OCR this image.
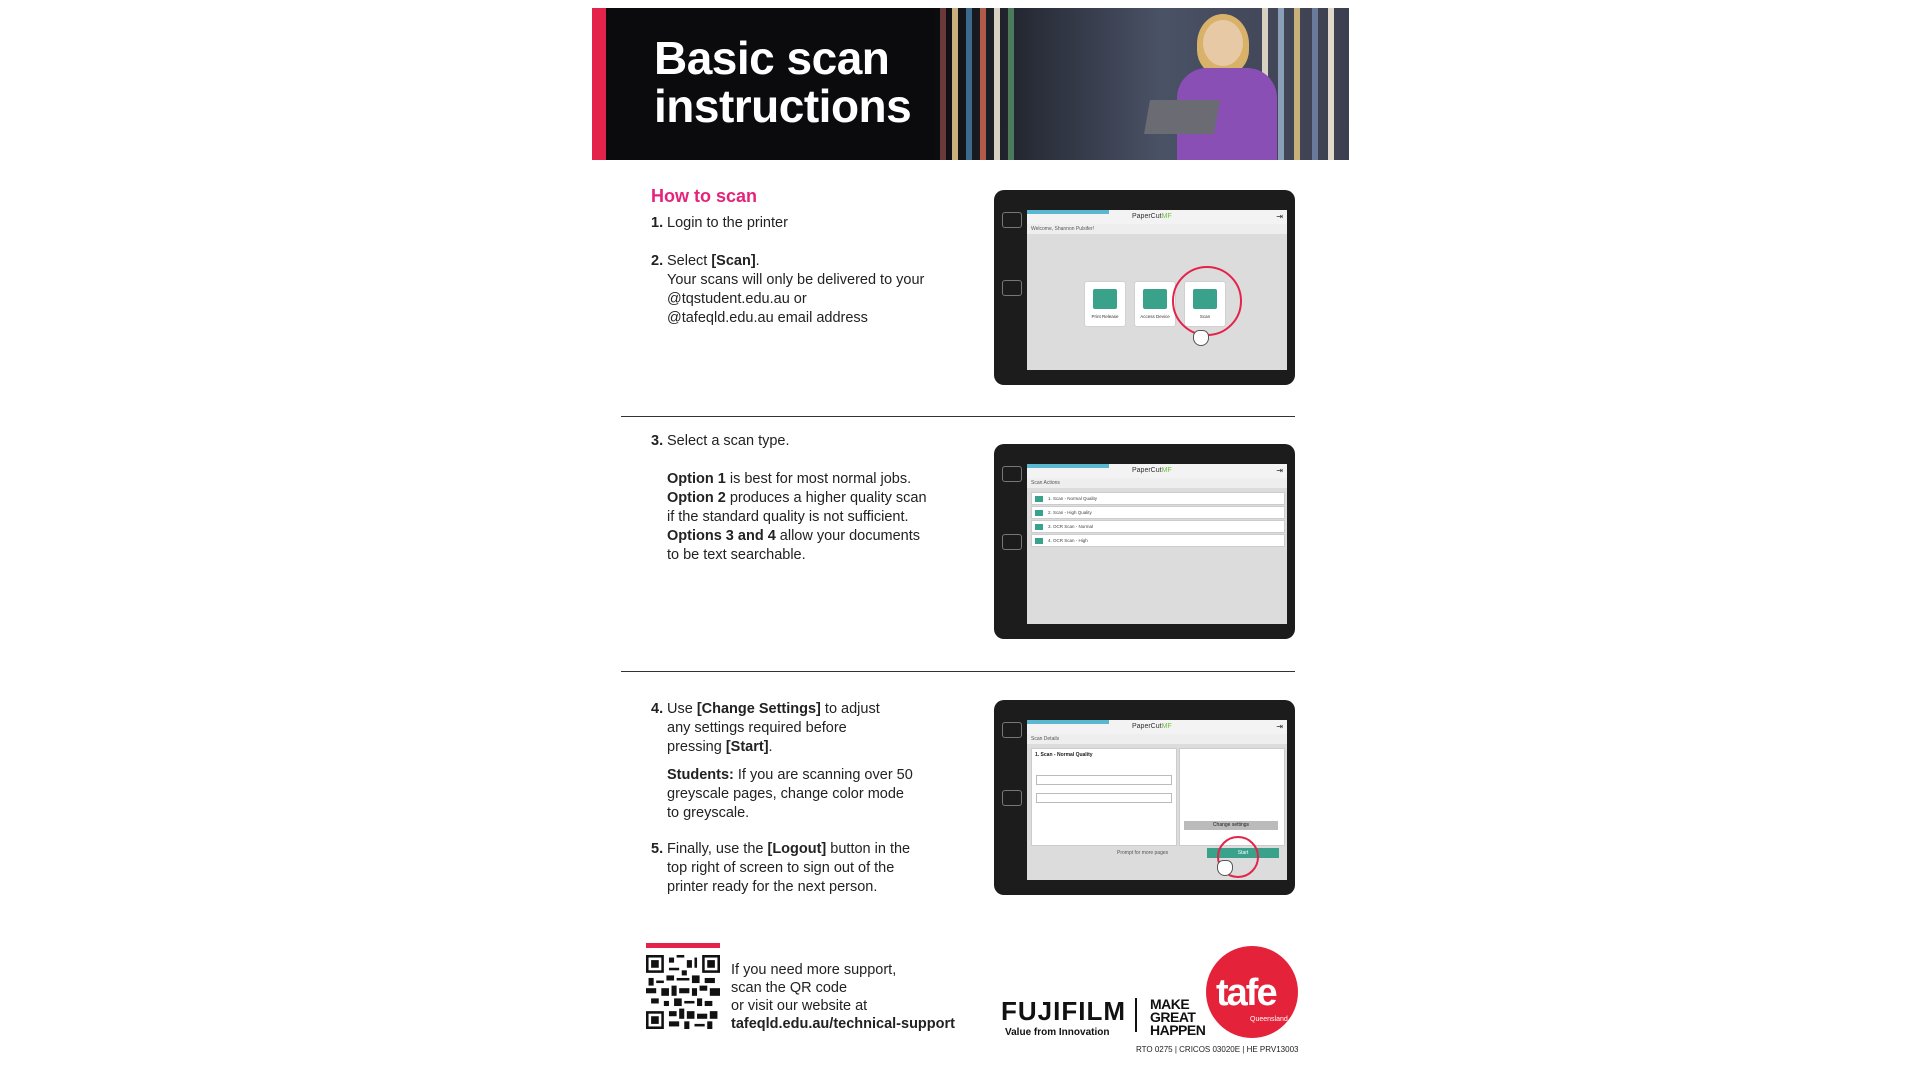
Basic scan
instructions
How to scan
1. Login to the printer
2. Select [Scan].
Your scans will only be delivered to your
@tqstudent.edu.au or
@tafeqld.edu.au email address
PaperCutMF	⇥
Welcome, Shannon Pulsifer!
Print Release	Access Device	Scan
3. Select a scan type.
Option 1 is best for most normal jobs.
Option 2 produces a higher quality scan
if the standard quality is not sufficient.
Options 3 and 4 allow your documents
to be text searchable.
PaperCutMF	⇥
Scan Actions
1. Scan - Normal Quality
2. Scan - High Quality
3. OCR Scan - Normal
4. OCR Scan - High
4. Use [Change Settings] to adjust
any settings required before
pressing [Start].
Students: If you are scanning over 50
greyscale pages, change color mode
to greyscale.
5. Finally, use the [Logout] button in the
top right of screen to sign out of the
printer ready for the next person.
PaperCutMF	⇥
Scan Details
1. Scan - Normal Quality
Change settings
Prompt for more pages	Start
If you need more support,
scan the QR code
or visit our website at
tafeqld.edu.au/technical-support FUJIFILM
Value from Innovation
MAKE
GREAT
HAPPEN
tafe
Queensland
RTO 0275 | CRICOS 03020E | HE PRV13003
